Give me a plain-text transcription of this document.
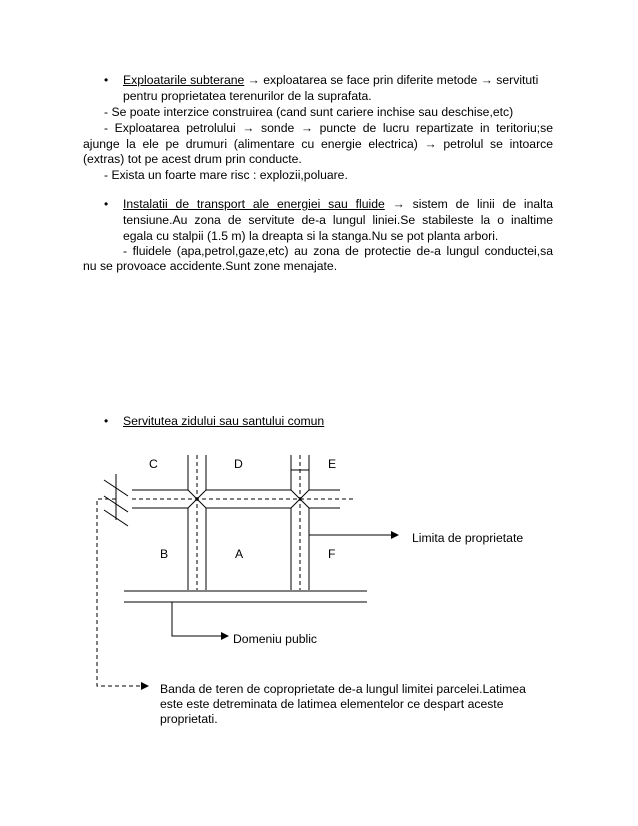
• Exploatarile subterane → exploatarea se face prin diferite metode → servituti
pentru proprietatea terenurilor de la suprafata.
- Se poate interzice construirea (cand sunt cariere inchise sau deschise,etc)
- Exploatarea petrolului → sonde → puncte de lucru repartizate in teritoriu;se
ajunge la ele pe drumuri (alimentare cu energie electrica) → petrolul se intoarce
(extras) tot pe acest drum prin conducte.
- Exista un foarte mare risc : explozii,poluare.
• Instalatii de transport ale energiei sau fluide → sistem de linii de inalta
tensiune.Au zona de servitute de-a lungul liniei.Se stabileste la o inaltime
egala cu stalpii (1.5 m) la dreapta si la stanga.Nu se pot planta arbori.
- fluidele (apa,petrol,gaze,etc) au zona de protectie de-a lungul conductei,sa
nu se provoace accidente.Sunt zone menajate.
• Servitutea zidului sau santului comun
C	D	E
B	A	F
Limita de proprietate
Domeniu public
Banda de teren de coproprietate de-a lungul limitei parcelei.Latimea
este este detreminata de latimea elementelor ce despart aceste
proprietati.
